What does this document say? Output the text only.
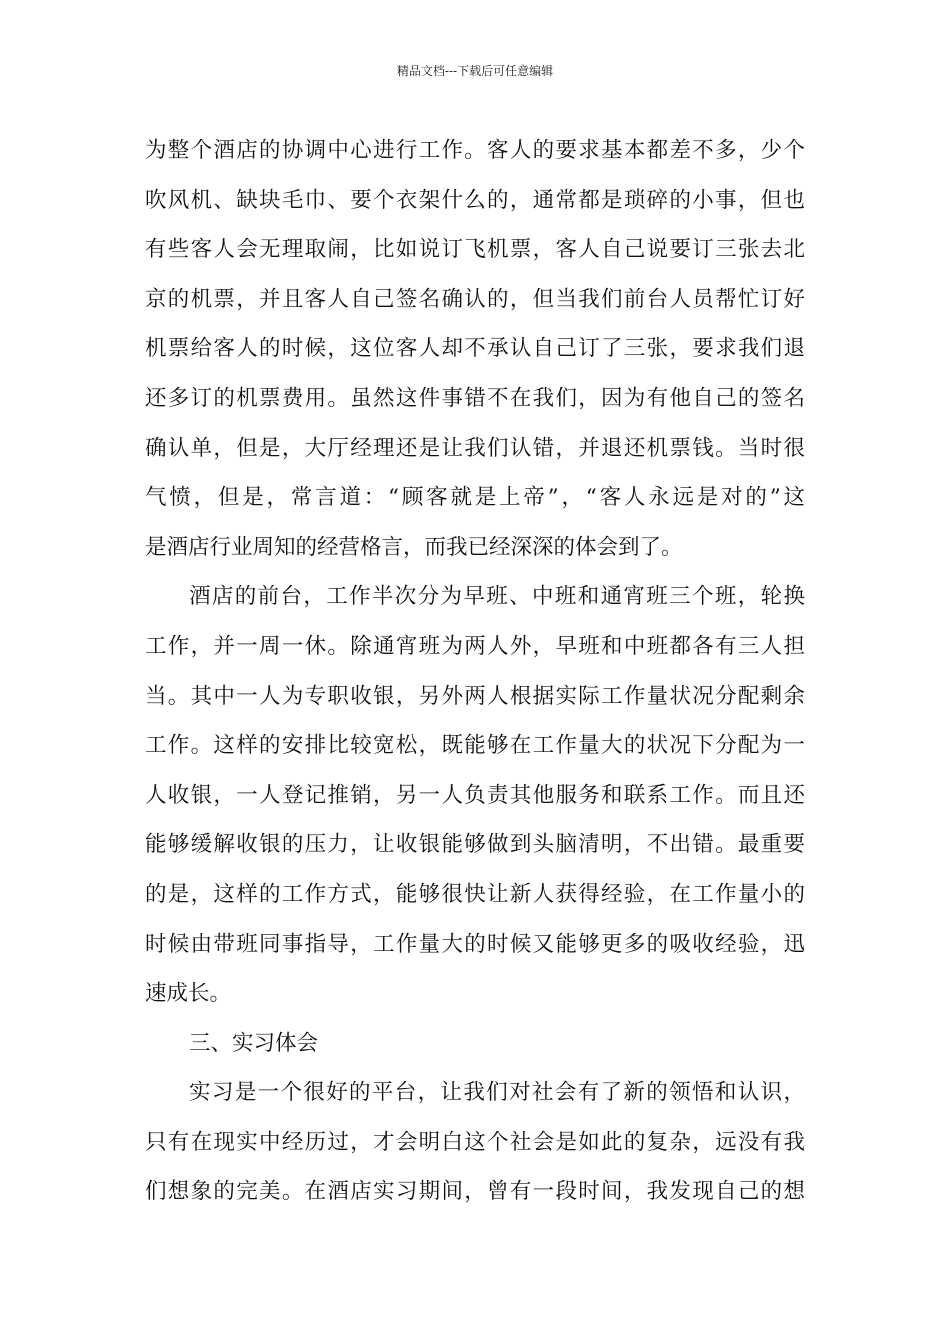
精品文档---下载后可任意编辑
为整个酒店的协调中心进行工作。客人的要求基本都差不多，少个
吹风机、缺块毛巾、要个衣架什么的，通常都是琐碎的小事，但也
有些客人会无理取闹，比如说订飞机票，客人自己说要订三张去北
京的机票，并且客人自己签名确认的，但当我们前台人员帮忙订好
机票给客人的时候，这位客人却不承认自己订了三张，要求我们退
还多订的机票费用。虽然这件事错不在我们，因为有他自己的签名
确认单，但是，大厅经理还是让我们认错，并退还机票钱。当时很
气愤，但是，常言道：“顾客就是上帝”，“客人永远是对的”这
是酒店行业周知的经营格言，而我已经深深的体会到了。
酒店的前台，工作半次分为早班、中班和通宵班三个班，轮换
工作，并一周一休。除通宵班为两人外，早班和中班都各有三人担
当。其中一人为专职收银，另外两人根据实际工作量状况分配剩余
工作。这样的安排比较宽松，既能够在工作量大的状况下分配为一
人收银，一人登记推销，另一人负责其他服务和联系工作。而且还
能够缓解收银的压力，让收银能够做到头脑清明，不出错。最重要
的是，这样的工作方式，能够很快让新人获得经验，在工作量小的
时候由带班同事指导，工作量大的时候又能够更多的吸收经验，迅
速成长。
三、实习体会
实习是一个很好的平台，让我们对社会有了新的领悟和认识，
只有在现实中经历过，才会明白这个社会是如此的复杂，远没有我
们想象的完美。在酒店实习期间，曾有一段时间，我发现自己的想
